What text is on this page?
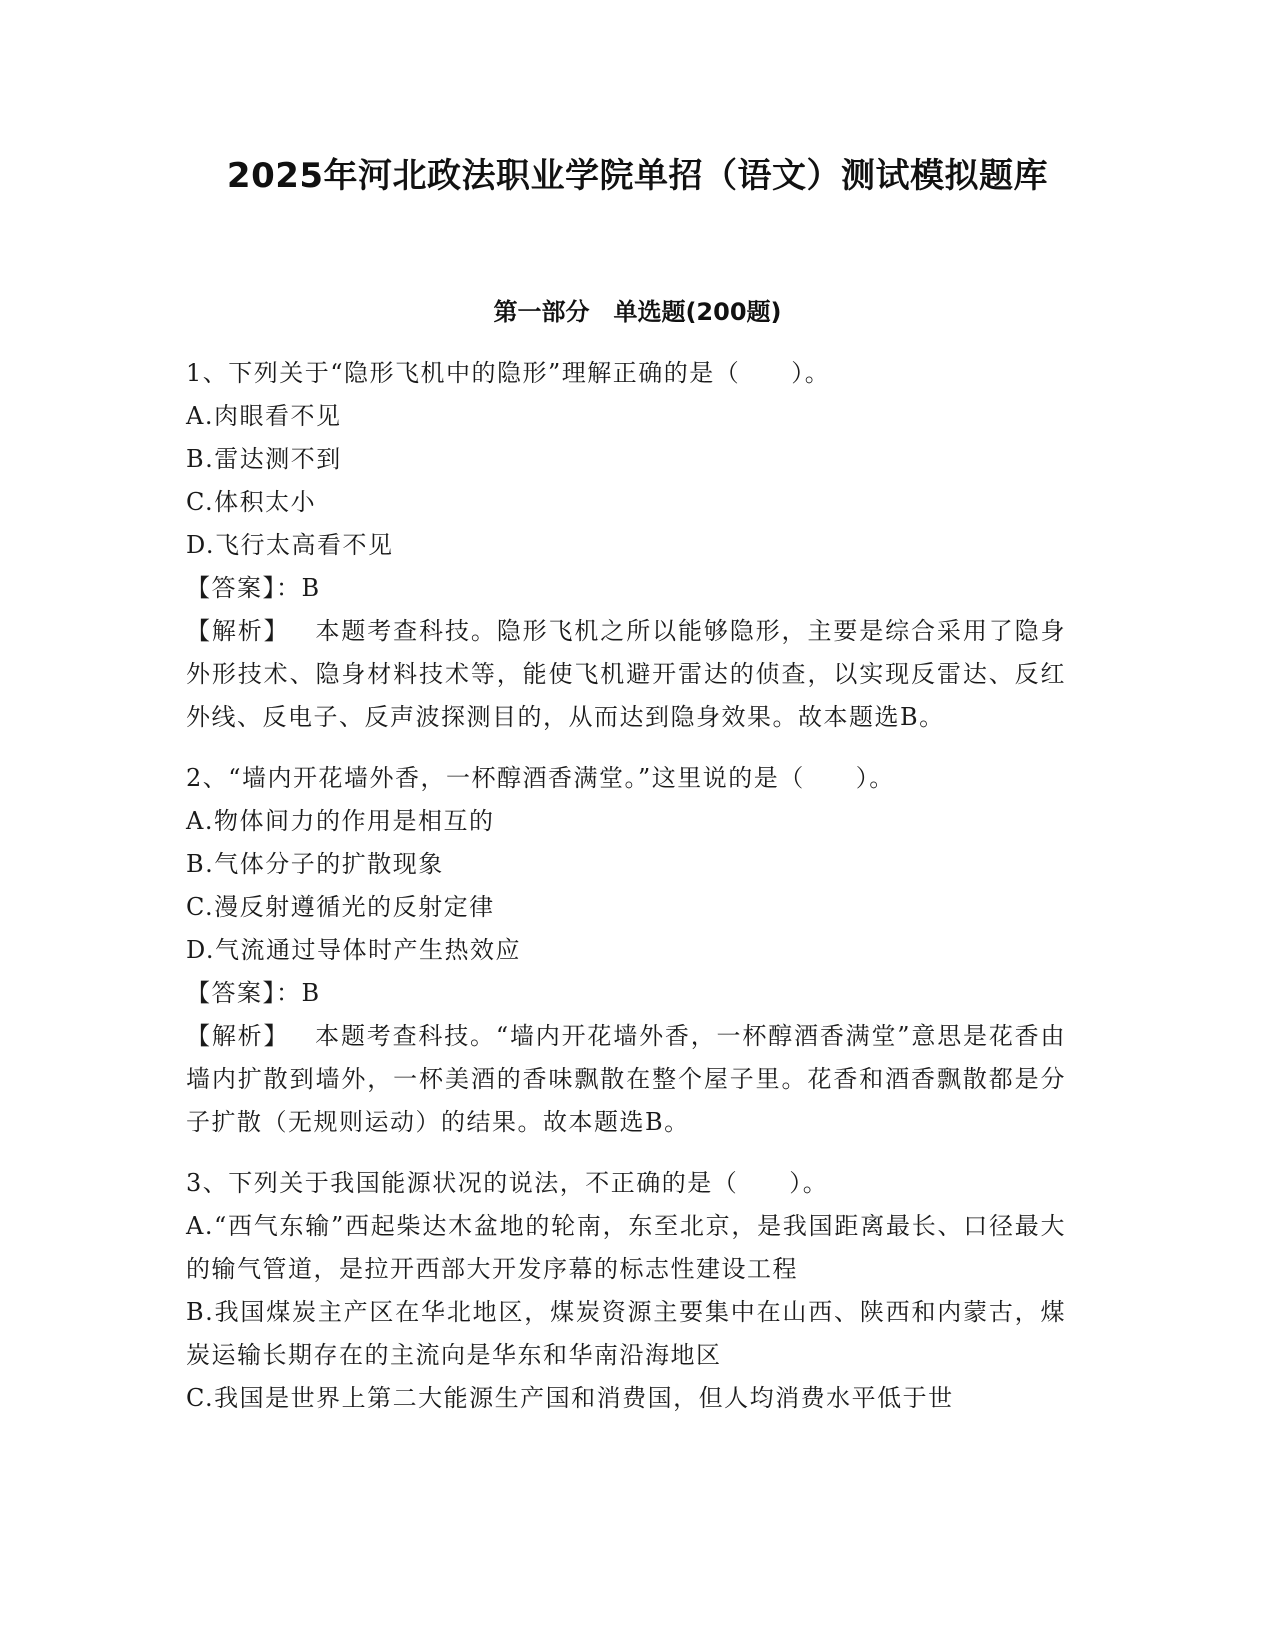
2025年河北政法职业学院单招（语文）测试模拟题库
第一部分　单选题(200题)
1、下列关于“隐形飞机中的隐形”理解正确的是（　　）。
A.肉眼看不见
B.雷达测不到
C.体积太小
D.飞行太高看不见
【答案】：B
【解析】  本题考查科技。隐形飞机之所以能够隐形，主要是综合采用了隐身外形技术、隐身材料技术等，能使飞机避开雷达的侦查，以实现反雷达、反红外线、反电子、反声波探测目的，从而达到隐身效果。故本题选B。
2、“墙内开花墙外香，一杯醇酒香满堂。”这里说的是（　　）。
A.物体间力的作用是相互的
B.气体分子的扩散现象
C.漫反射遵循光的反射定律
D.气流通过导体时产生热效应
【答案】：B
【解析】  本题考查科技。“墙内开花墙外香，一杯醇酒香满堂”意思是花香由墙内扩散到墙外，一杯美酒的香味飘散在整个屋子里。花香和酒香飘散都是分子扩散（无规则运动）的结果。故本题选B。
3、下列关于我国能源状况的说法，不正确的是（　　）。
A.“西气东输”西起柴达木盆地的轮南，东至北京，是我国距离最长、口径最大的输气管道，是拉开西部大开发序幕的标志性建设工程
B.我国煤炭主产区在华北地区，煤炭资源主要集中在山西、陕西和内蒙古，煤炭运输长期存在的主流向是华东和华南沿海地区
C.我国是世界上第二大能源生产国和消费国，但人均消费水平低于世
